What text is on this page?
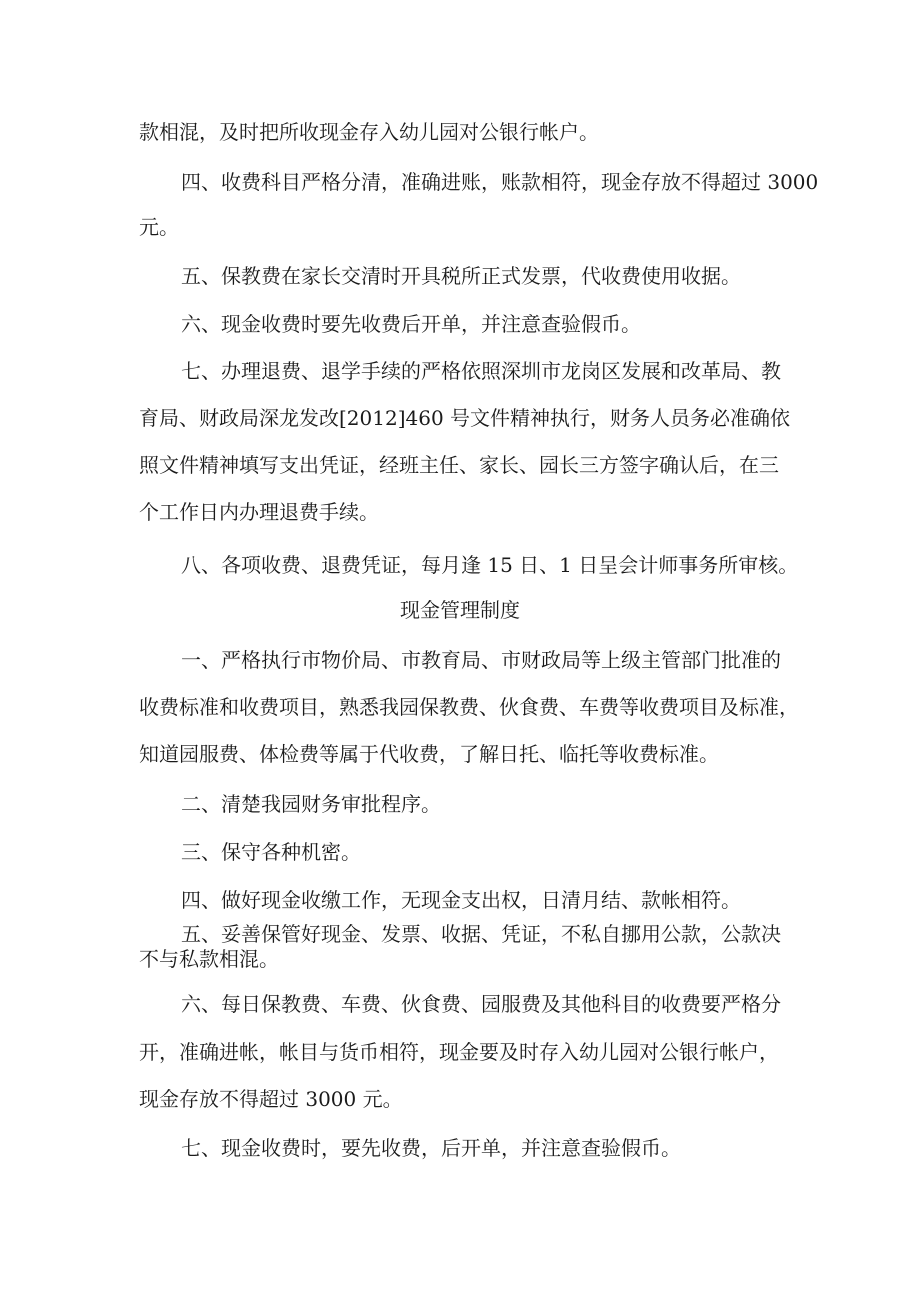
款相混，及时把所收现金存入幼儿园对公银行帐户。

四、收费科目严格分清，准确进账，账款相符，现金存放不得超过 3000

元。

五、保教费在家长交清时开具税所正式发票，代收费使用收据。

六、现金收费时要先收费后开单，并注意查验假币。

七、办理退费、退学手续的严格依照深圳市龙岗区发展和改革局、教

育局、财政局深龙发改[2012]460 号文件精神执行，财务人员务必准确依

照文件精神填写支出凭证，经班主任、家长、园长三方签字确认后，在三

个工作日内办理退费手续。

八、各项收费、退费凭证，每月逢 15 日、1 日呈会计师事务所审核。

现金管理制度

一、严格执行市物价局、市教育局、市财政局等上级主管部门批准的

收费标准和收费项目，熟悉我园保教费、伙食费、车费等收费项目及标准，

知道园服费、体检费等属于代收费，了解日托、临托等收费标准。

二、清楚我园财务审批程序。

三、保守各种机密。

四、做好现金收缴工作，无现金支出权，日清月结、款帐相符。

五、妥善保管好现金、发票、收据、凭证，不私自挪用公款，公款决

不与私款相混。

六、每日保教费、车费、伙食费、园服费及其他科目的收费要严格分

开，准确进帐，帐目与货币相符，现金要及时存入幼儿园对公银行帐户，

现金存放不得超过 3000 元。

七、现金收费时，要先收费，后开单，并注意查验假币。
